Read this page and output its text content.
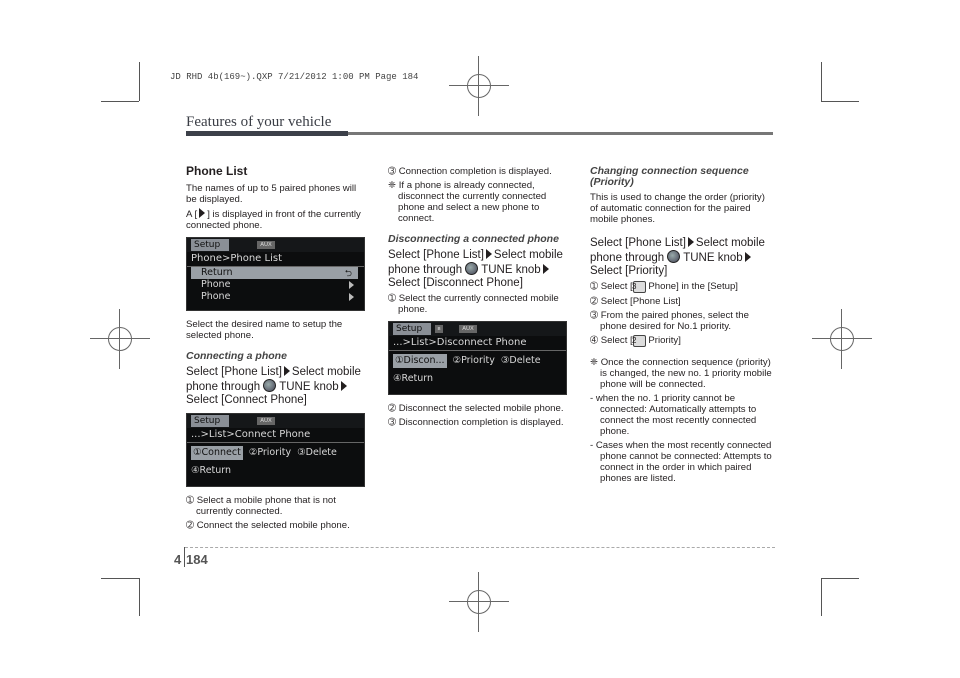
JD RHD 4b(169~).QXP 7/21/2012 1:00 PM Page 184
Features of your vehicle
Phone List

The names of up to 5 paired phones will be displayed.

A [ ] is displayed in front of the currently connected phone.

Setup	AUX
Phone>Phone List
Return	⮌
Phone
Phone

Select the desired name to setup the selected phone.

Connecting a phone

Select [Phone List] Select mobile phone through TUNE knobSelect [Connect Phone]

Setup	AUX
...>List>Connect Phone
①Connect ②Priority ③Delete
④Return

➀ Select a mobile phone that is not currently connected.

➁ Connect the selected mobile phone.

➂ Connection completion is displayed.

❈ If a phone is already connected, disconnect the currently connected phone and select a new phone to connect.

Disconnecting a connected phone

Select [Phone List] Select mobile phone through TUNE knobSelect [Disconnect Phone]

➀ Select the currently connected mobile phone.

Setup	ʙ	AUX
...>List>Disconnect Phone
①Discon... ②Priority ③Delete
④Return

➁ Disconnect the selected mobile phone.

➂ Disconnection completion is displayed.

Changing connection sequence (Priority)

This is used to change the order (priority) of automatic connection for the paired mobile phones.

Select [Phone List] Select mobile phone through TUNE knobSelect [Priority]

➀ Select [3 Phone] in the [Setup]

➁ Select [Phone List]

➂ From the paired phones, select the phone desired for No.1 priority.

➃ Select [2 Priority]

❈ Once the connection sequence (priority) is changed, the new no. 1 priority mobile phone will be connected.

- when the no. 1 priority cannot be connected: Automatically attempts to connect the most recently connected phone.

- Cases when the most recently connected phone cannot be connected: Attempts to connect in the order in which paired phones are listed.

4 184
